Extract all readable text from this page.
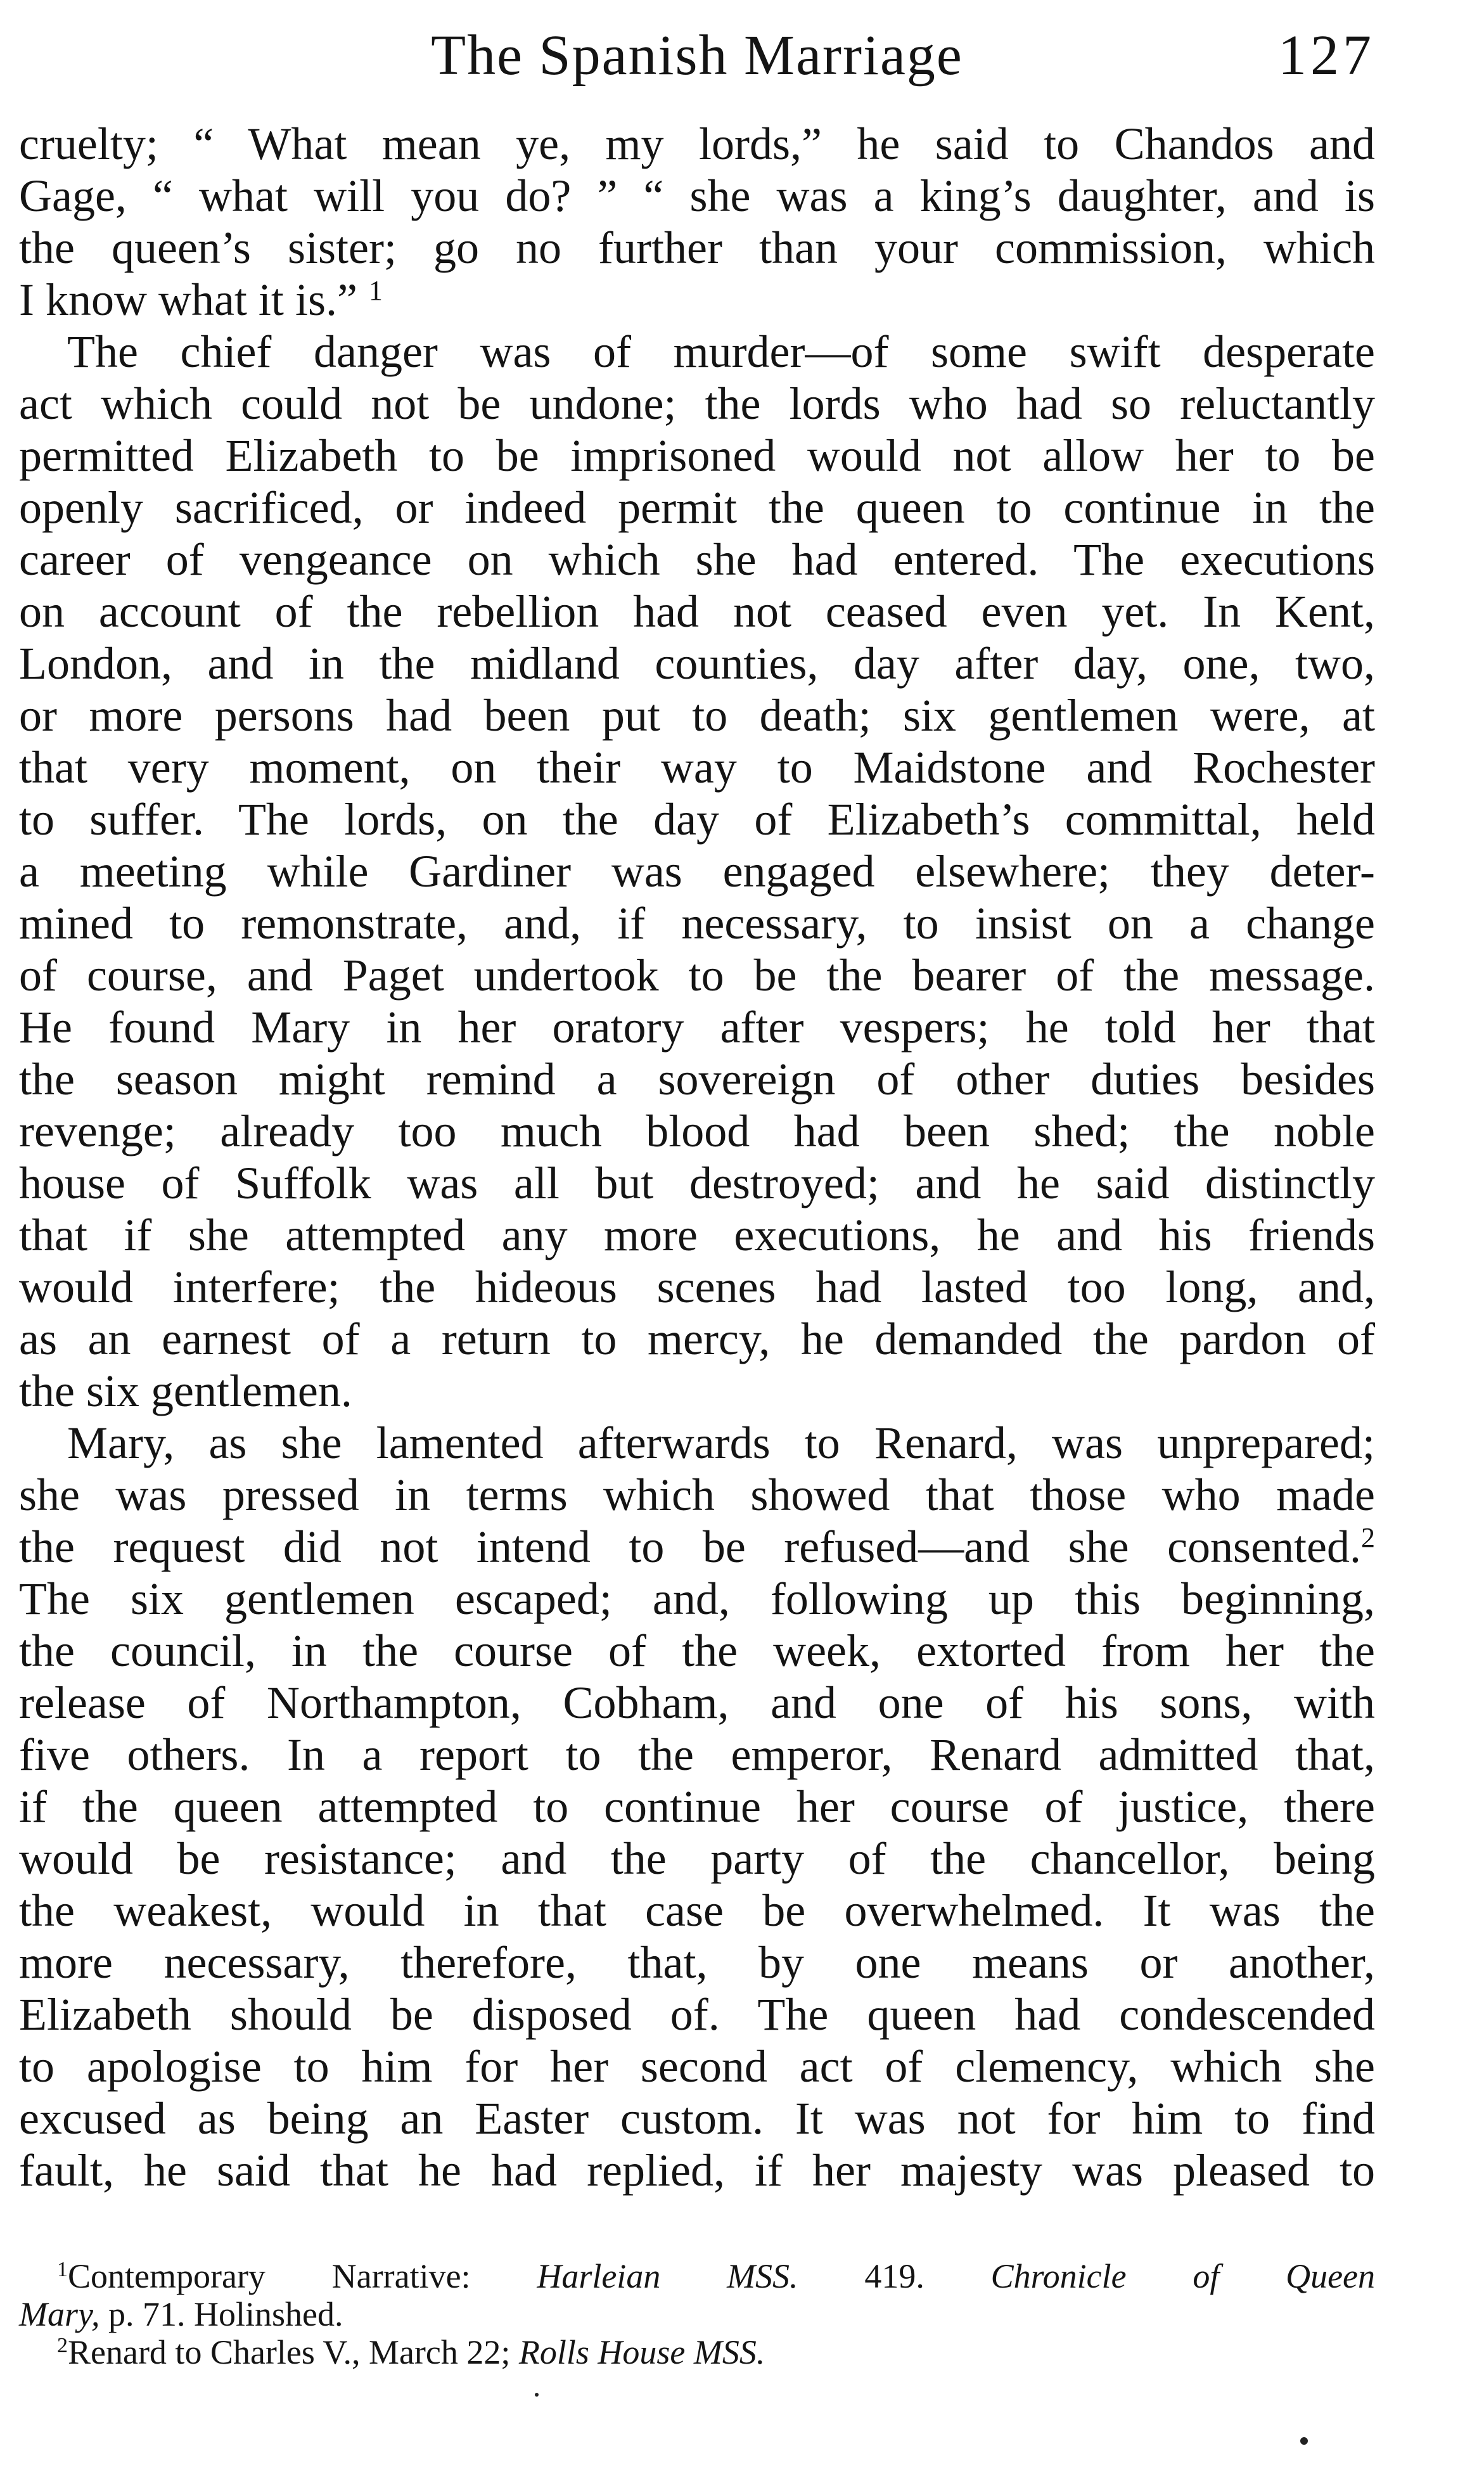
The Spanish Marriage	127
cruelty; “ What mean ye, my lords,” he said to Chandos and
Gage, “ what will you do? ” “ she was a king’s daughter, and is
the queen’s sister; go no further than your commission, which
I know what it is.” $^1$
The chief danger was of murder—of some swift desperate
act which could not be undone; the lords who had so reluctantly
permitted Elizabeth to be imprisoned would not allow her to be
openly sacrificed, or indeed permit the queen to continue in the
career of vengeance on which she had entered. The executions
on account of the rebellion had not ceased even yet. In Kent,
London, and in the midland counties, day after day, one, two,
or more persons had been put to death; six gentlemen were, at
that very moment, on their way to Maidstone and Rochester
to suffer. The lords, on the day of Elizabeth’s committal, held
a meeting while Gardiner was engaged elsewhere; they deter-
mined to remonstrate, and, if necessary, to insist on a change
of course, and Paget undertook to be the bearer of the message.
He found Mary in her oratory after vespers; he told her that
the season might remind a sovereign of other duties besides
revenge; already too much blood had been shed; the noble
house of Suffolk was all but destroyed; and he said distinctly
that if she attempted any more executions, he and his friends
would interfere; the hideous scenes had lasted too long, and,
as an earnest of a return to mercy, he demanded the pardon of
the six gentlemen.
Mary, as she lamented afterwards to Renard, was unprepared;
she was pressed in terms which showed that those who made
the request did not intend to be refused—and she consented.$^2$
The six gentlemen escaped; and, following up this beginning,
the council, in the course of the week, extorted from her the
release of Northampton, Cobham, and one of his sons, with
five others. In a report to the emperor, Renard admitted that,
if the queen attempted to continue her course of justice, there
would be resistance; and the party of the chancellor, being
the weakest, would in that case be overwhelmed. It was the
more necessary, therefore, that, by one means or another,
Elizabeth should be disposed of. The queen had condescended
to apologise to him for her second act of clemency, which she
excused as being an Easter custom. It was not for him to find
fault, he said that he had replied, if her majesty was pleased to
$^1$Contemporary Narrative: Harleian MSS. 419. Chronicle of Queen
Mary, p. 71. Holinshed.
$^2$Renard to Charles V., March 22; Rolls House MSS.
